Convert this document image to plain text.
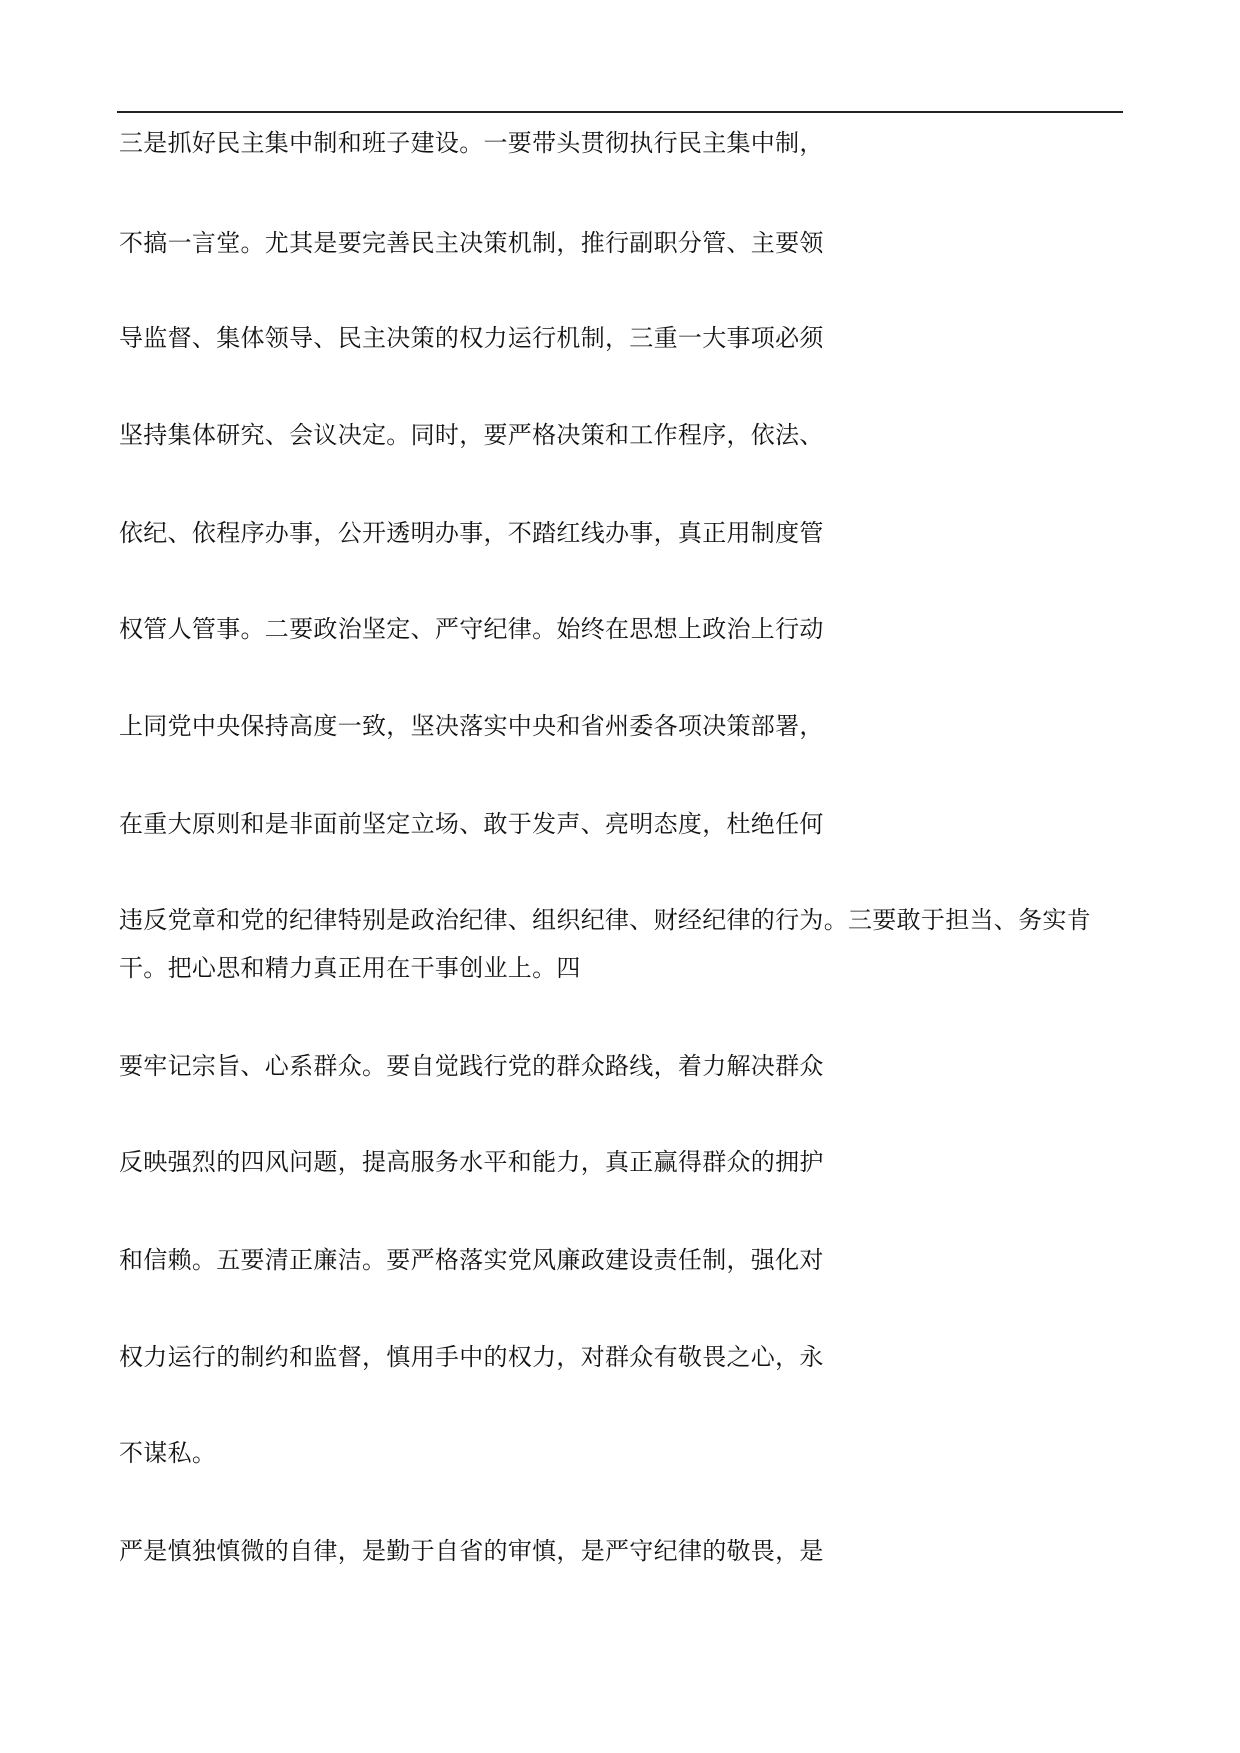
三是抓好民主集中制和班子建设。一要带头贯彻执行民主集中制，
不搞一言堂。尤其是要完善民主决策机制，推行副职分管、主要领
导监督、集体领导、民主决策的权力运行机制，三重一大事项必须
坚持集体研究、会议决定。同时，要严格决策和工作程序，依法、
依纪、依程序办事，公开透明办事，不踏红线办事，真正用制度管
权管人管事。二要政治坚定、严守纪律。始终在思想上政治上行动
上同党中央保持高度一致，坚决落实中央和省州委各项决策部署，
在重大原则和是非面前坚定立场、敢于发声、亮明态度，杜绝任何
违反党章和党的纪律特别是政治纪律、组织纪律、财经纪律的行为。三要敢于担当、务实肯
干。把心思和精力真正用在干事创业上。四
要牢记宗旨、心系群众。要自觉践行党的群众路线，着力解决群众
反映强烈的四风问题，提高服务水平和能力，真正赢得群众的拥护
和信赖。五要清正廉洁。要严格落实党风廉政建设责任制，强化对
权力运行的制约和监督，慎用手中的权力，对群众有敬畏之心，永
不谋私。
严是慎独慎微的自律，是勤于自省的审慎，是严守纪律的敬畏，是
